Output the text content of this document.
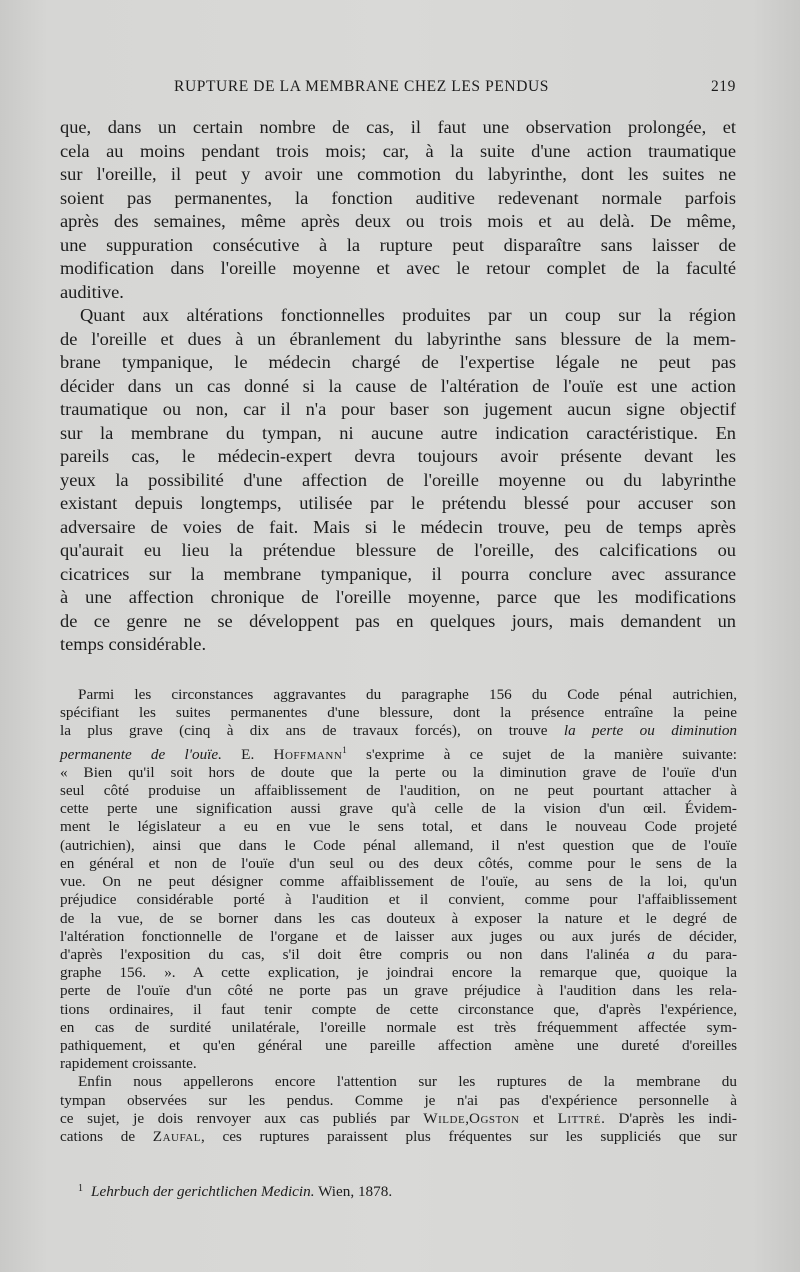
RUPTURE DE LA MEMBRANE CHEZ LES PENDUS	219
que, dans un certain nombre de cas, il faut une observation prolongée, et
cela au moins pendant trois mois; car, à la suite d'une action traumatique
sur l'oreille, il peut y avoir une commotion du labyrinthe, dont les suites ne
soient pas permanentes, la fonction auditive redevenant normale parfois
après des semaines, même après deux ou trois mois et au delà. De même,
une suppuration consécutive à la rupture peut disparaître sans laisser de
modification dans l'oreille moyenne et avec le retour complet de la faculté
auditive.
Quant aux altérations fonctionnelles produites par un coup sur la région
de l'oreille et dues à un ébranlement du labyrinthe sans blessure de la mem-
brane tympanique, le médecin chargé de l'expertise légale ne peut pas
décider dans un cas donné si la cause de l'altération de l'ouïe est une action
traumatique ou non, car il n'a pour baser son jugement aucun signe objectif
sur la membrane du tympan, ni aucune autre indication caractéristique. En
pareils cas, le médecin-expert devra toujours avoir présente devant les
yeux la possibilité d'une affection de l'oreille moyenne ou du labyrinthe
existant depuis longtemps, utilisée par le prétendu blessé pour accuser son
adversaire de voies de fait. Mais si le médecin trouve, peu de temps après
qu'aurait eu lieu la prétendue blessure de l'oreille, des calcifications ou
cicatrices sur la membrane tympanique, il pourra conclure avec assurance
à une affection chronique de l'oreille moyenne, parce que les modifications
de ce genre ne se développent pas en quelques jours, mais demandent un
temps considérable.
Parmi les circonstances aggravantes du paragraphe 156 du Code pénal autrichien,
spécifiant les suites permanentes d'une blessure, dont la présence entraîne la peine
la plus grave (cinq à dix ans de travaux forcés), on trouve la perte ou diminution
permanente de l'ouïe. E. Hoffmann$^1$ s'exprime à ce sujet de la manière suivante:
« Bien qu'il soit hors de doute que la perte ou la diminution grave de l'ouïe d'un
seul côté produise un affaiblissement de l'audition, on ne peut pourtant attacher à
cette perte une signification aussi grave qu'à celle de la vision d'un œil. Évidem-
ment le législateur a eu en vue le sens total, et dans le nouveau Code projeté
(autrichien), ainsi que dans le Code pénal allemand, il n'est question que de l'ouïe
en général et non de l'ouïe d'un seul ou des deux côtés, comme pour le sens de la
vue. On ne peut désigner comme affaiblissement de l'ouïe, au sens de la loi, qu'un
préjudice considérable porté à l'audition et il convient, comme pour l'affaiblissement
de la vue, de se borner dans les cas douteux à exposer la nature et le degré de
l'altération fonctionnelle de l'organe et de laisser aux juges ou aux jurés de décider,
d'après l'exposition du cas, s'il doit être compris ou non dans l'alinéa a du para-
graphe 156. ». A cette explication, je joindrai encore la remarque que, quoique la
perte de l'ouïe d'un côté ne porte pas un grave préjudice à l'audition dans les rela-
tions ordinaires, il faut tenir compte de cette circonstance que, d'après l'expérience,
en cas de surdité unilatérale, l'oreille normale est très fréquemment affectée sym-
pathiquement, et qu'en général une pareille affection amène une dureté d'oreilles
rapidement croissante.
Enfin nous appellerons encore l'attention sur les ruptures de la membrane du
tympan observées sur les pendus. Comme je n'ai pas d'expérience personnelle à
ce sujet, je dois renvoyer aux cas publiés par Wilde,Ogston et Littré. D'après les indi-
cations de Zaufal, ces ruptures paraissent plus fréquentes sur les suppliciés que sur
$^1$ Lehrbuch der gerichtlichen Medicin. Wien, 1878.
